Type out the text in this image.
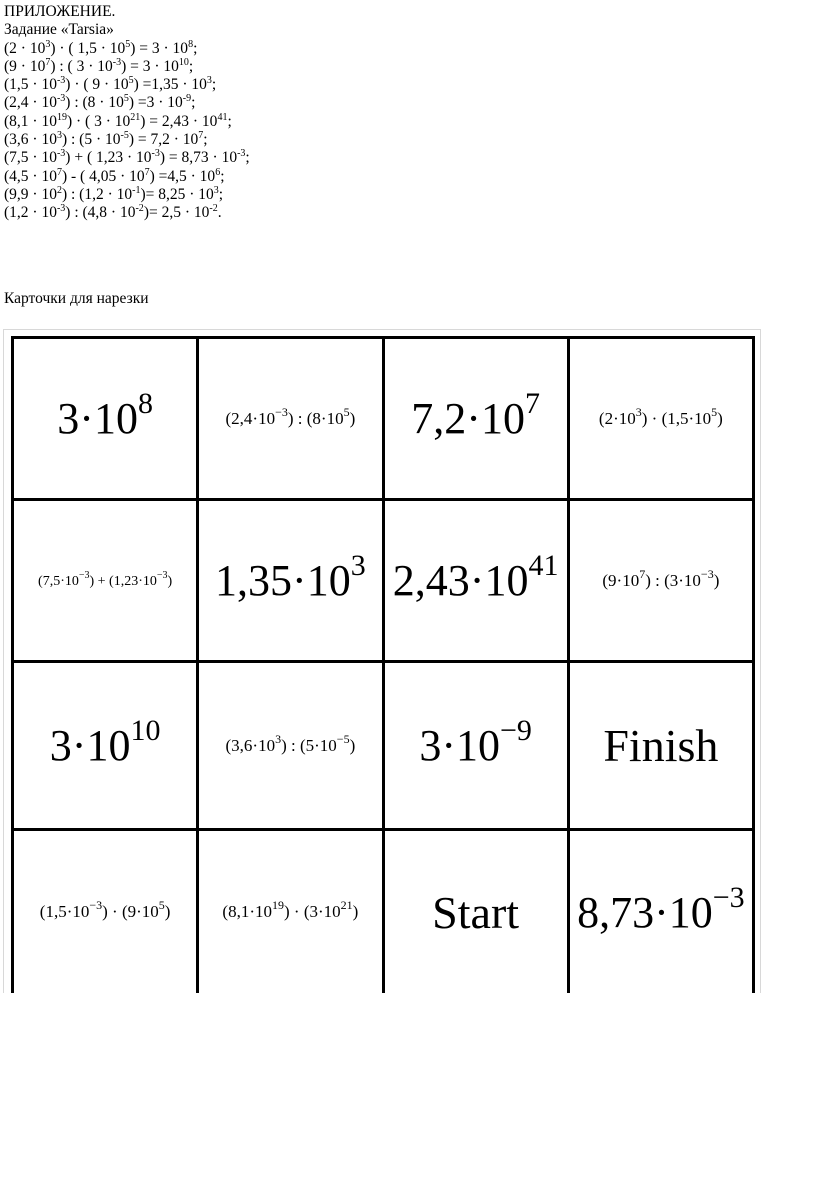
ПРИЛОЖЕНИЕ.
Задание «Tarsia»
$(2 \cdot 10^3)$ · ( $1,5 \cdot 10^5) = 3 \cdot 10^8$;
$(9 \cdot 10^7)$ : ( $3 \cdot 10^{-3}) = 3 \cdot 10^{10}$;
$(1,5 \cdot 10^{-3})$ · ( $9 \cdot 10^5) =1,35 \cdot 10^3$;
$(2,4 \cdot 10^{-3})$ : $(8 \cdot 10^5) =3 \cdot 10^{-9}$;
$(8,1 \cdot 10^{19})$ · ( $3 \cdot 10^{21}) = 2,43 \cdot 10^{41}$;
$(3,6 \cdot 10^3)$ : $(5 \cdot 10^{-5}) = 7,2 \cdot 10^7$;
$(7,5 \cdot 10^{-3})$ + ( $1,23 \cdot 10^{-3}) = 8,73 \cdot 10^{-3}$;
$(4,5 \cdot 10^7)$ - ( $4,05 \cdot 10^7) =4,5 \cdot 10^6$;
$(9,9 \cdot 10^2)$ : $(1,2 \cdot 10^{-1})= 8,25 \cdot 10^3$;
$(1,2 \cdot 10^{-3})$ : $(4,8 \cdot 10^{-2})= 2,5 \cdot 10^{-2}$.
Карточки для нарезки
$3\cdot 10^8$	$(2,4\cdot 10^{-3})$ : $(8\cdot 10^5)$	$7,2\cdot 10^7$	$(2\cdot 10^3) \cdot (1,5\cdot 10^5)$
$(7,5\cdot 10^{-3}) + (1,23\cdot 10^{-3})$	$1,35\cdot 10^3$	$2,43\cdot 10^{41}$	$(9\cdot 10^7)$ : $(3\cdot 10^{-3})$
$3\cdot 10^{10}$	$(3,6\cdot 10^3)$ : $(5\cdot 10^{-5})$	$3\cdot 10^{-9}$	Finish
$(1,5\cdot 10^{-3}) \cdot (9\cdot 10^5)$	$(8,1\cdot 10^{19}) \cdot (3\cdot 10^{21})$	Start	$8,73\cdot 10^{-3}$
